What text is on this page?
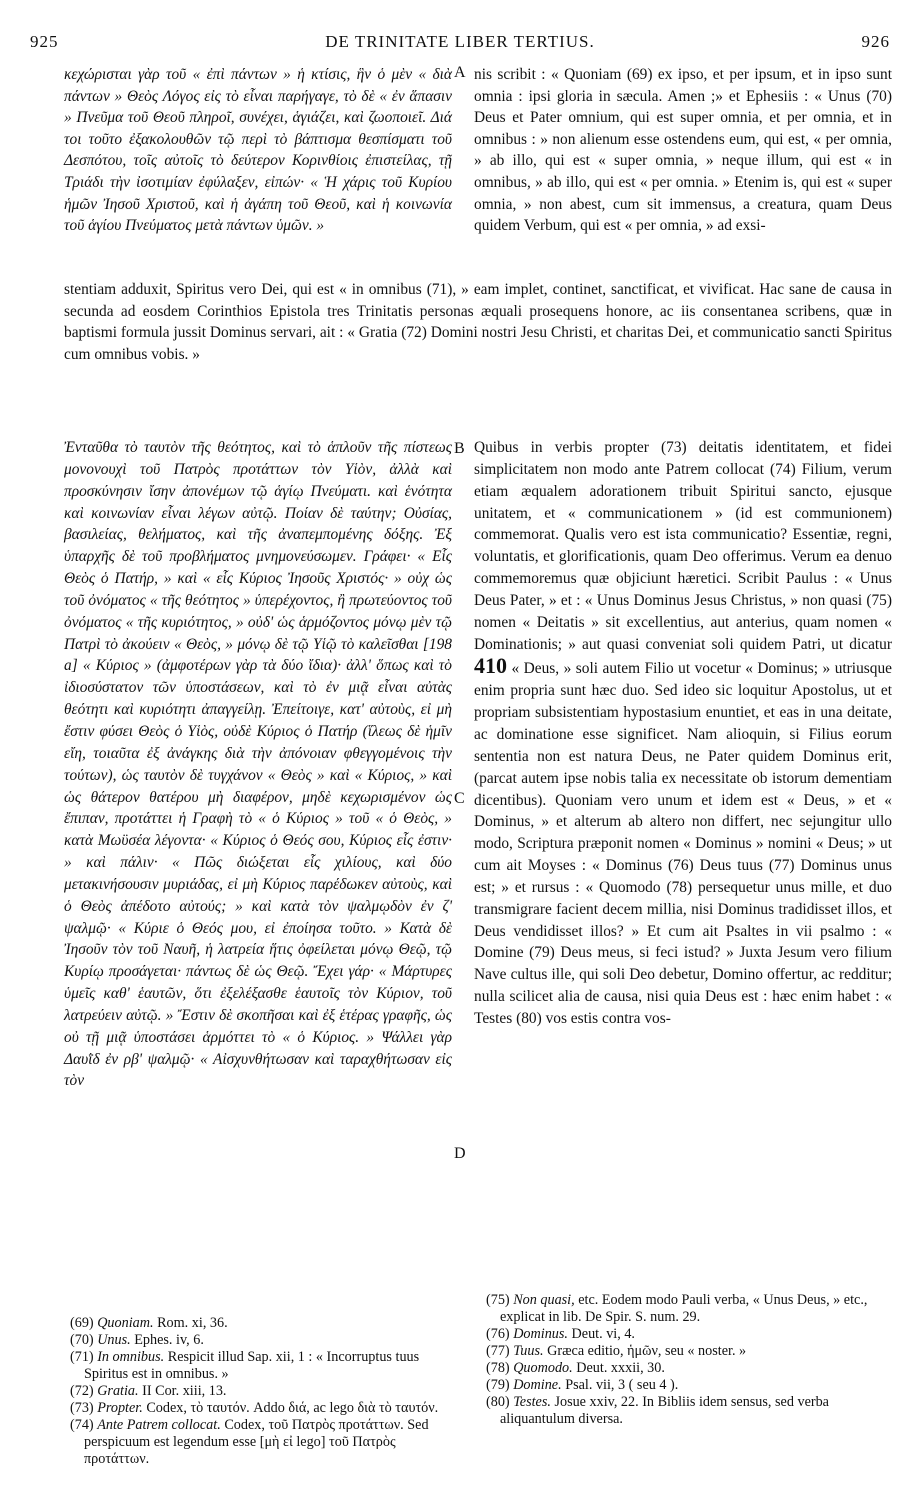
925	DE TRINITATE LIBER TERTIUS.	926

κεχώρισται γὰρ τοῦ « ἐπὶ πάντων » ἡ κτίσις, ἣν ὁ μὲν « διὰ πάντων » Θεὸς Λόγος εἰς τὸ εἶναι παρήγαγε, τὸ δὲ « ἐν ἅπασιν » Πνεῦμα τοῦ Θεοῦ πληροῖ, συνέχει, ἁγιάζει, καὶ ζωοποιεῖ. Διά τοι τοῦτο ἐξακολουθῶν τῷ περὶ τὸ βάπτισμα θεσπίσματι τοῦ Δεσπότου, τοῖς αὐτοῖς τὸ δεύτερον Κορινθίοις ἐπιστείλας, τῇ Τριάδι τὴν ἰσοτιμίαν ἐφύλαξεν, εἰπών· « Ἡ χάρις τοῦ Κυρίου ἡμῶν Ἰησοῦ Χριστοῦ, καὶ ἡ ἀγάπη τοῦ Θεοῦ, καὶ ἡ κοινωνία τοῦ ἁγίου Πνεύματος μετὰ πάντων ὑμῶν. »

nis scribit : « Quoniam (69) ex ipso, et per ipsum, et in ipso sunt omnia : ipsi gloria in sæcula. Amen ;» et Ephesiis : « Unus (70) Deus et Pater omnium, qui est super omnia, et per omnia, et in omnibus : » non alienum esse ostendens eum, qui est, « per omnia, » ab illo, qui est « super omnia, » neque illum, qui est « in omnibus, » ab illo, qui est « per omnia. » Etenim is, qui est « super omnia, » non abest, cum sit immensus, a creatura, quam Deus quidem Verbum, qui est « per omnia, » ad exsi-

A

stentiam adduxit, Spiritus vero Dei, qui est « in omnibus (71), » eam implet, continet, sanctificat, et vivificat. Hac sane de causa in secunda ad eosdem Corinthios Epistola tres Trinitatis personas æquali prosequens honore, ac iis consentanea scribens, quæ in baptismi formula jussit Dominus servari, ait : « Gratia (72) Domini nostri Jesu Christi, et charitas Dei, et communicatio sancti Spiritus cum omnibus vobis. »

Ἐνταῦθα τὸ ταυτὸν τῆς θεότητος, καὶ τὸ ἁπλοῦν τῆς πίστεως μονονουχὶ τοῦ Πατρὸς προτάττων τὸν Υἱὸν, ἀλλὰ καὶ προσκύνησιν ἴσην ἀπονέμων τῷ ἁγίῳ Πνεύματι. καὶ ἑνότητα καὶ κοινωνίαν εἶναι λέγων αὐτῷ. Ποίαν δὲ ταύτην; Οὐσίας, βασιλείας, θελήματος, καὶ τῆς ἀναπεμπομένης δόξης. Ἐξ ὑπαρχῆς δὲ τοῦ προβλήματος μνημονεύσωμεν. Γράφει· « Εἷς Θεὸς ὁ Πατήρ, » καὶ « εἷς Κύριος Ἰησοῦς Χριστός· » οὐχ ὡς τοῦ ὀνόματος « τῆς θεότητος » ὑπερέχοντος, ἢ πρωτεύοντος τοῦ ὀνόματος « τῆς κυριότητος, » οὐδ' ὡς ἁρμόζοντος μόνῳ μὲν τῷ Πατρὶ τὸ ἀκούειν « Θεὸς, » μόνῳ δὲ τῷ Υἱῷ τὸ καλεῖσθαι [198 a] « Κύριος » (ἀμφοτέρων γὰρ τὰ δύο ἴδια)· ἀλλ' ὅπως καὶ τὸ ἰδιοσύστατον τῶν ὑποστάσεων, καὶ τὸ ἐν μιᾷ εἶναι αὐτὰς θεότητι καὶ κυριότητι ἀπαγγείλῃ. Ἐπείτοιγε, κατ' αὐτοὺς, εἰ μὴ ἔστιν φύσει Θεὸς ὁ Υἱὸς, οὐδὲ Κύριος ὁ Πατήρ (ἵλεως δὲ ἡμῖν εἴη, τοιαῦτα ἐξ ἀνάγκης διὰ τὴν ἀπόνοιαν φθεγγομένοις τὴν τούτων), ὡς ταυτὸν δὲ τυγχάνον « Θεὸς » καὶ « Κύριος, » καὶ ὡς θάτερον θατέρου μὴ διαφέρον, μηδὲ κεχωρισμένον ὡς ἔπιπαν, προτάττει ἡ Γραφὴ τὸ « ὁ Κύριος » τοῦ « ὁ Θεὸς, » κατὰ Μωϋσέα λέγοντα· « Κύριος ὁ Θεός σου, Κύριος εἷς ἐστιν· » καὶ πάλιν· « Πῶς διώξεται εἷς χιλίους, καὶ δύο μετακινήσουσιν μυριάδας, εἰ μὴ Κύριος παρέδωκεν αὐτοὺς, καὶ ὁ Θεὸς ἀπέδοτο αὐτούς; » καὶ κατὰ τὸν ψαλμῳδὸν ἐν ζ' ψαλμῷ· « Κύριε ὁ Θεός μου, εἰ ἐποίησα τοῦτο. » Κατὰ δὲ Ἰησοῦν τὸν τοῦ Ναυῆ, ἡ λατρεία ἥτις ὀφείλεται μόνῳ Θεῷ, τῷ Κυρίῳ προσάγεται· πάντως δὲ ὡς Θεῷ. Ἔχει γάρ· « Μάρτυρες ὑμεῖς καθ' ἑαυτῶν, ὅτι ἐξελέξασθε ἑαυτοῖς τὸν Κύριον, τοῦ λατρεύειν αὐτῷ. » Ἔστιν δὲ σκοπῆσαι καὶ ἐξ ἑτέρας γραφῆς, ὡς οὐ τῇ μιᾷ ὑποστάσει ἁρμόττει τὸ « ὁ Κύριος. » Ψάλλει γὰρ Δαυῒδ ἐν ρβ' ψαλμῷ· « Αἰσχυνθήτωσαν καὶ ταραχθήτωσαν εἰς τὸν

B
C
D

Quibus in verbis propter (73) deitatis identitatem, et fidei simplicitatem non modo ante Patrem collocat (74) Filium, verum etiam æqualem adorationem tribuit Spiritui sancto, ejusque unitatem, et « communicationem » (id est communionem) commemorat. Qualis vero est ista communicatio? Essentiæ, regni, voluntatis, et glorificationis, quam Deo offerimus. Verum ea denuo commemoremus quæ objiciunt hæretici. Scribit Paulus : « Unus Deus Pater, » et : « Unus Dominus Jesus Christus, » non quasi (75) nomen « Deitatis » sit excellentius, aut anterius, quam nomen « Dominationis; » aut quasi conveniat soli quidem Patri, ut dicatur 410 « Deus, » soli autem Filio ut vocetur « Dominus; » utriusque enim propria sunt hæc duo. Sed ideo sic loquitur Apostolus, ut et propriam subsistentiam hypostasium enuntiet, et eas in una deitate, ac dominatione esse significet. Nam alioquin, si Filius eorum sententia non est natura Deus, ne Pater quidem Dominus erit, (parcat autem ipse nobis talia ex necessitate ob istorum dementiam dicentibus). Quoniam vero unum et idem est « Deus, » et « Dominus, » et alterum ab altero non differt, nec sejungitur ullo modo, Scriptura præponit nomen « Dominus » nomini « Deus; » ut cum ait Moyses : « Dominus (76) Deus tuus (77) Dominus unus est; » et rursus : « Quomodo (78) persequetur unus mille, et duo transmigrare facient decem millia, nisi Dominus tradidisset illos, et Deus vendidisset illos? » Et cum ait Psaltes in vii psalmo : « Domine (79) Deus meus, si feci istud? » Juxta Jesum vero filium Nave cultus ille, qui soli Deo debetur, Domino offertur, ac redditur; nulla scilicet alia de causa, nisi quia Deus est : hæc enim habet : « Testes (80) vos estis contra vos-

(69) Quoniam. Rom. xi, 36.

(70) Unus. Ephes. iv, 6.

(71) In omnibus. Respicit illud Sap. xii, 1 : « Incorruptus tuus Spiritus est in omnibus. »

(72) Gratia. II Cor. xiii, 13.

(73) Propter. Codex, τὸ ταυτόν. Addo διά, ac lego διὰ τὸ ταυτόν.

(74) Ante Patrem collocat. Codex, τοῦ Πατρὸς προτάττων. Sed perspicuum est legendum esse [μὴ εἰ lego] τοῦ Πατρὸς προτάττων.

(75) Non quasi, etc. Eodem modo Pauli verba, « Unus Deus, » etc., explicat in lib. De Spir. S. num. 29.

(76) Dominus. Deut. vi, 4.

(77) Tuus. Græca editio, ἡμῶν, seu « noster. »

(78) Quomodo. Deut. xxxii, 30.

(79) Domine. Psal. vii, 3 ( seu 4 ).

(80) Testes. Josue xxiv, 22. In Bibliis idem sensus, sed verba aliquantulum diversa.
